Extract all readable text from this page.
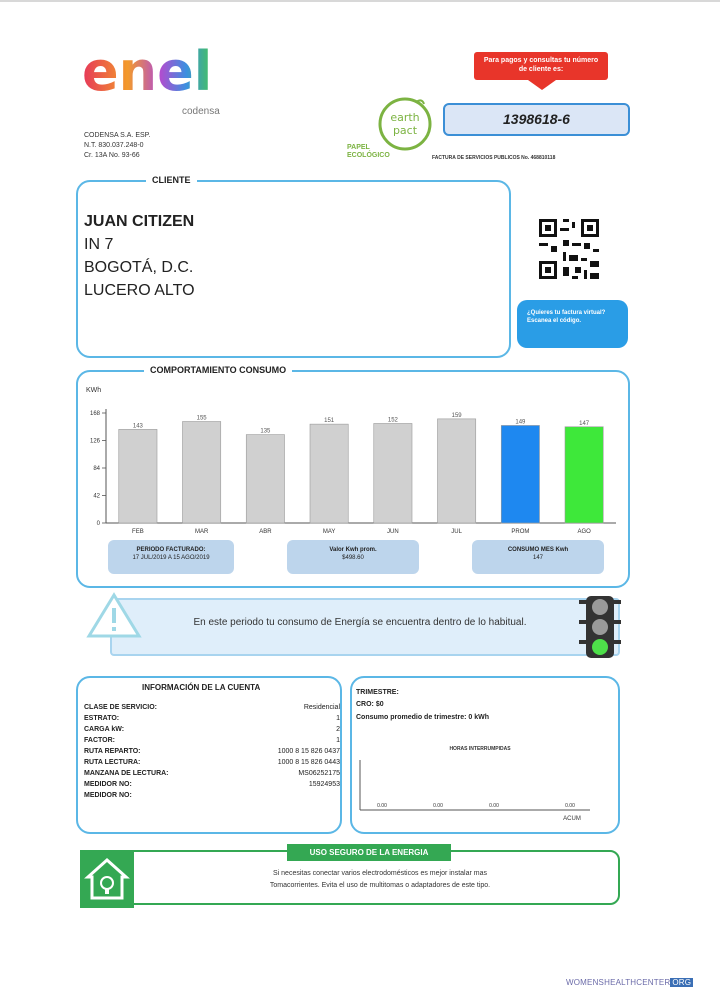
enel
codensa
CODENSA S.A. ESP.
N.T. 830.037.248-0
Cr. 13A No. 93-66
Para pagos y consultas tu número de cliente es:
1398618-6
earth
pact
PAPEL
ECOLÓGICO	FACTURA DE SERVICIOS PUBLICOS No. 468810118
CLIENTE
JUAN CITIZEN
IN 7
BOGOTÁ, D.C.
LUCERO ALTO
¿Quieres tu factura virtual? Escanea el código.
COMPORTAMIENTO CONSUMO
KWh
0
42
84
126
168
143
FEB
155
MAR
135
ABR
151
MAY
152
JUN
159
JUL
149
PROM
147
AGO
PERIODO FACTURADO:
17 JUL/2019 A 15 AGO/2019
Valor Kwh prom.
$498.60
CONSUMO MES Kwh
147
En este periodo tu consumo de Energía se encuentra dentro de lo habitual.
INFORMACIÓN DE LA CUENTA
CLASE DE SERVICIO:	Residencial
ESTRATO:	1
CARGA kW:	2
FACTOR:	1
RUTA REPARTO:	1000 8 15 826 0437
RUTA LECTURA:	1000 8 15 826 0443
MANZANA DE LECTURA:	MS06252175
MEDIDOR NO:	15924953
MEDIDOR NO:
TRIMESTRE:
CRO: $0
Consumo promedio de trimestre: 0 kWh
HORAS INTERRUMPIDAS
0.00	0.00	0.00	0.00
ACUM
USO SEGURO DE LA ENERGIA
Si necesitas conectar varios electrodomésticos es mejor instalar mas
Tomacorrientes. Evita el uso de multitomas o adaptadores de este tipo.
WOMENSHEALTHCENTER ORG
